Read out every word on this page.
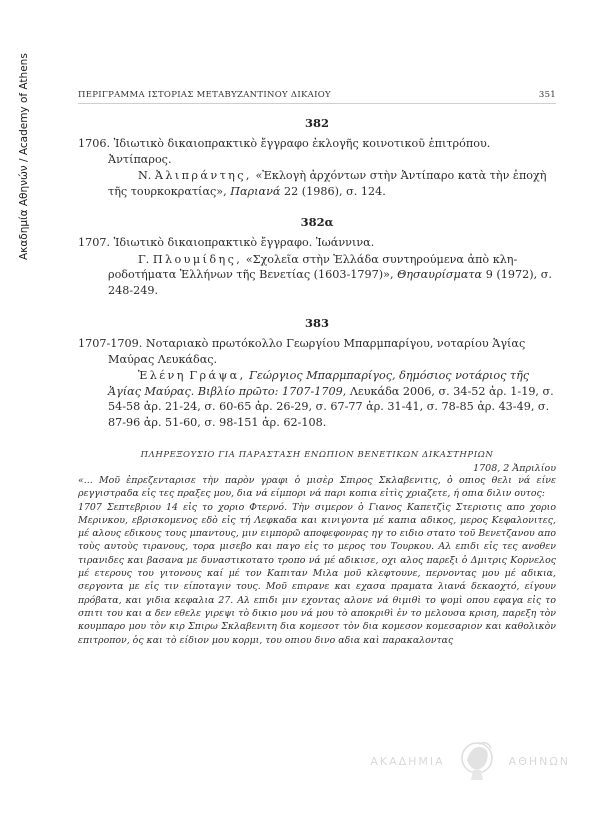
Ακαδημία Αθηνών / Academy of Athens	ΠΕΡΙΓΡΑΜΜΑ ΙΣΤΟΡΙΑΣ ΜΕΤΑΒΥΖΑΝΤΙΝΟΥ ΔΙΚΑΙΟΥ	351
382
1706. Ἰδιωτικὸ δικαιοπρακτικὸ ἔγγραφο ἐκλογῆς κοινοτικοῦ ἐπιτρόπου. Ἀντίπαρος.
Ν. Ἀλιπράντης, «Ἐκλογὴ ἀρχόντων στὴν Ἀντίπαρο κατὰ τὴν ἐποχὴ τῆς τουρκοκρατίας», Παριανά 22 (1986), σ. 124.
382α
1707. Ἰδιωτικὸ δικαιοπρακτικὸ ἔγγραφο. Ἰωάννινα.
Γ. Πλουμίδης, «Σχολεῖα στὴν Ἑλλάδα συντηρούμενα ἀπὸ κλη- ροδοτήματα Ἑλλήνων τῆς Βενετίας (1603-1797)», Θησαυρίσματα 9 (1972), σ. 248-249.
383
1707-1709. Νοταριακὸ πρωτόκολλο Γεωργίου Μπαρμπαρίγου, νοταρίου Ἁγίας Μαύρας Λευκάδας.
Ἑλένη Γράψα, Γεώργιος Μπαρμπαρίγος, δημόσιος νοτάριος τῆς Ἁγίας Μαύρας. Βιβλίο πρῶτο: 1707-1709, Λευκάδα 2006, σ. 34-52 ἀρ. 1-19, σ. 54-58 ἀρ. 21-24, σ. 60-65 ἀρ. 26-29, σ. 67-77 ἀρ. 31-41, σ. 78-85 ἀρ. 43-49, σ. 87-96 ἀρ. 51-60, σ. 98-151 ἀρ. 62-108.
ΠΛΗΡΕΞΟΥΣΙΟ ΓΙΑ ΠΑΡΑΣΤΑΣΗ ΕΝΩΠΙΟΝ ΒΕΝΕΤΙΚΩΝ ΔΙΚΑΣΤΗΡΙΩΝ
1708, 2 Ἀπριλίου

«... Μοῦ ἐπρεζενταρισε τὴν παρὸν γραφι ὁ μισὲρ Σπιρος Σκλαβενιτις, ὁ οπιος θελι νά είνε ρεγγιστραδα εἰς τες πραξες μου, δια νά είμπορι νά παρι κοπια εἰτὶς χριαζετε, ή οπια διλιν ουτος:

1707 Σεπτεβριου 14 εἰς το χοριο Φτερνό. Τὴν σιμερον ὁ Γιανος Καπετζὶς Στεριοτις απο χοριο Μερινκου, εβρισκομενος εδὸ εἰς τή Λεφκαδα και κινιγοντα μέ καπια αδικος, μερος Κεφαλονιτες, μέ αλους εδικους τους μπαντους, μιν ειμπορῶ αποφεφονρας ηγ το ειδιο στατο τοῦ Βενετζανου απο τοὺς αυτοὺς τιρανους, τορα μισεβο και παγο εἰς το μερος του Τουρκου. Αλ επιδι εἰς τες ανοθεν τιρανιδες και βασανα με δυναστικοτατο τροπο νά μέ αδικισε, οχι αλος παρεξι ὁ Δμιτρις Κορνελος μέ ετερους του γιτονους καί μέ τον Καπιταν Μιλα μοῦ κλεφτουνε, περνοντας μου μέ αδικια, σεργοντα με εἰς τιν είποταγιν τους. Μοῦ επιρανε και εχασα πραματα λιανά δεκαοχτό, είγουν πρόβατα, και γιδια κεφαλια 27. Αλ επιδι μιν εχοντας αλονε νά θιμιθὶ το ψομὶ οπου εφαγα εἰς το σπιτι του και α δεν εθελε γιρεψι τὸ δικιο μου νά μου τὸ αποκριθὶ ἐν τo μελουσα κριση, παρεξη τὸν κουμπαρο μου τὸν κιρ Σπιρω Σκλαβενιτη δια κομεσοτ τὸν δια κομεσον κομεσαριον και καθολικὸν επιτροπον, ὁς και τὸ είδιον μου κορμι, του οπιου δινο αδια καὶ παρακαλοντας

ΑΚΑΔΗΜΙΑ	ΑΘΗΝΩΝ
